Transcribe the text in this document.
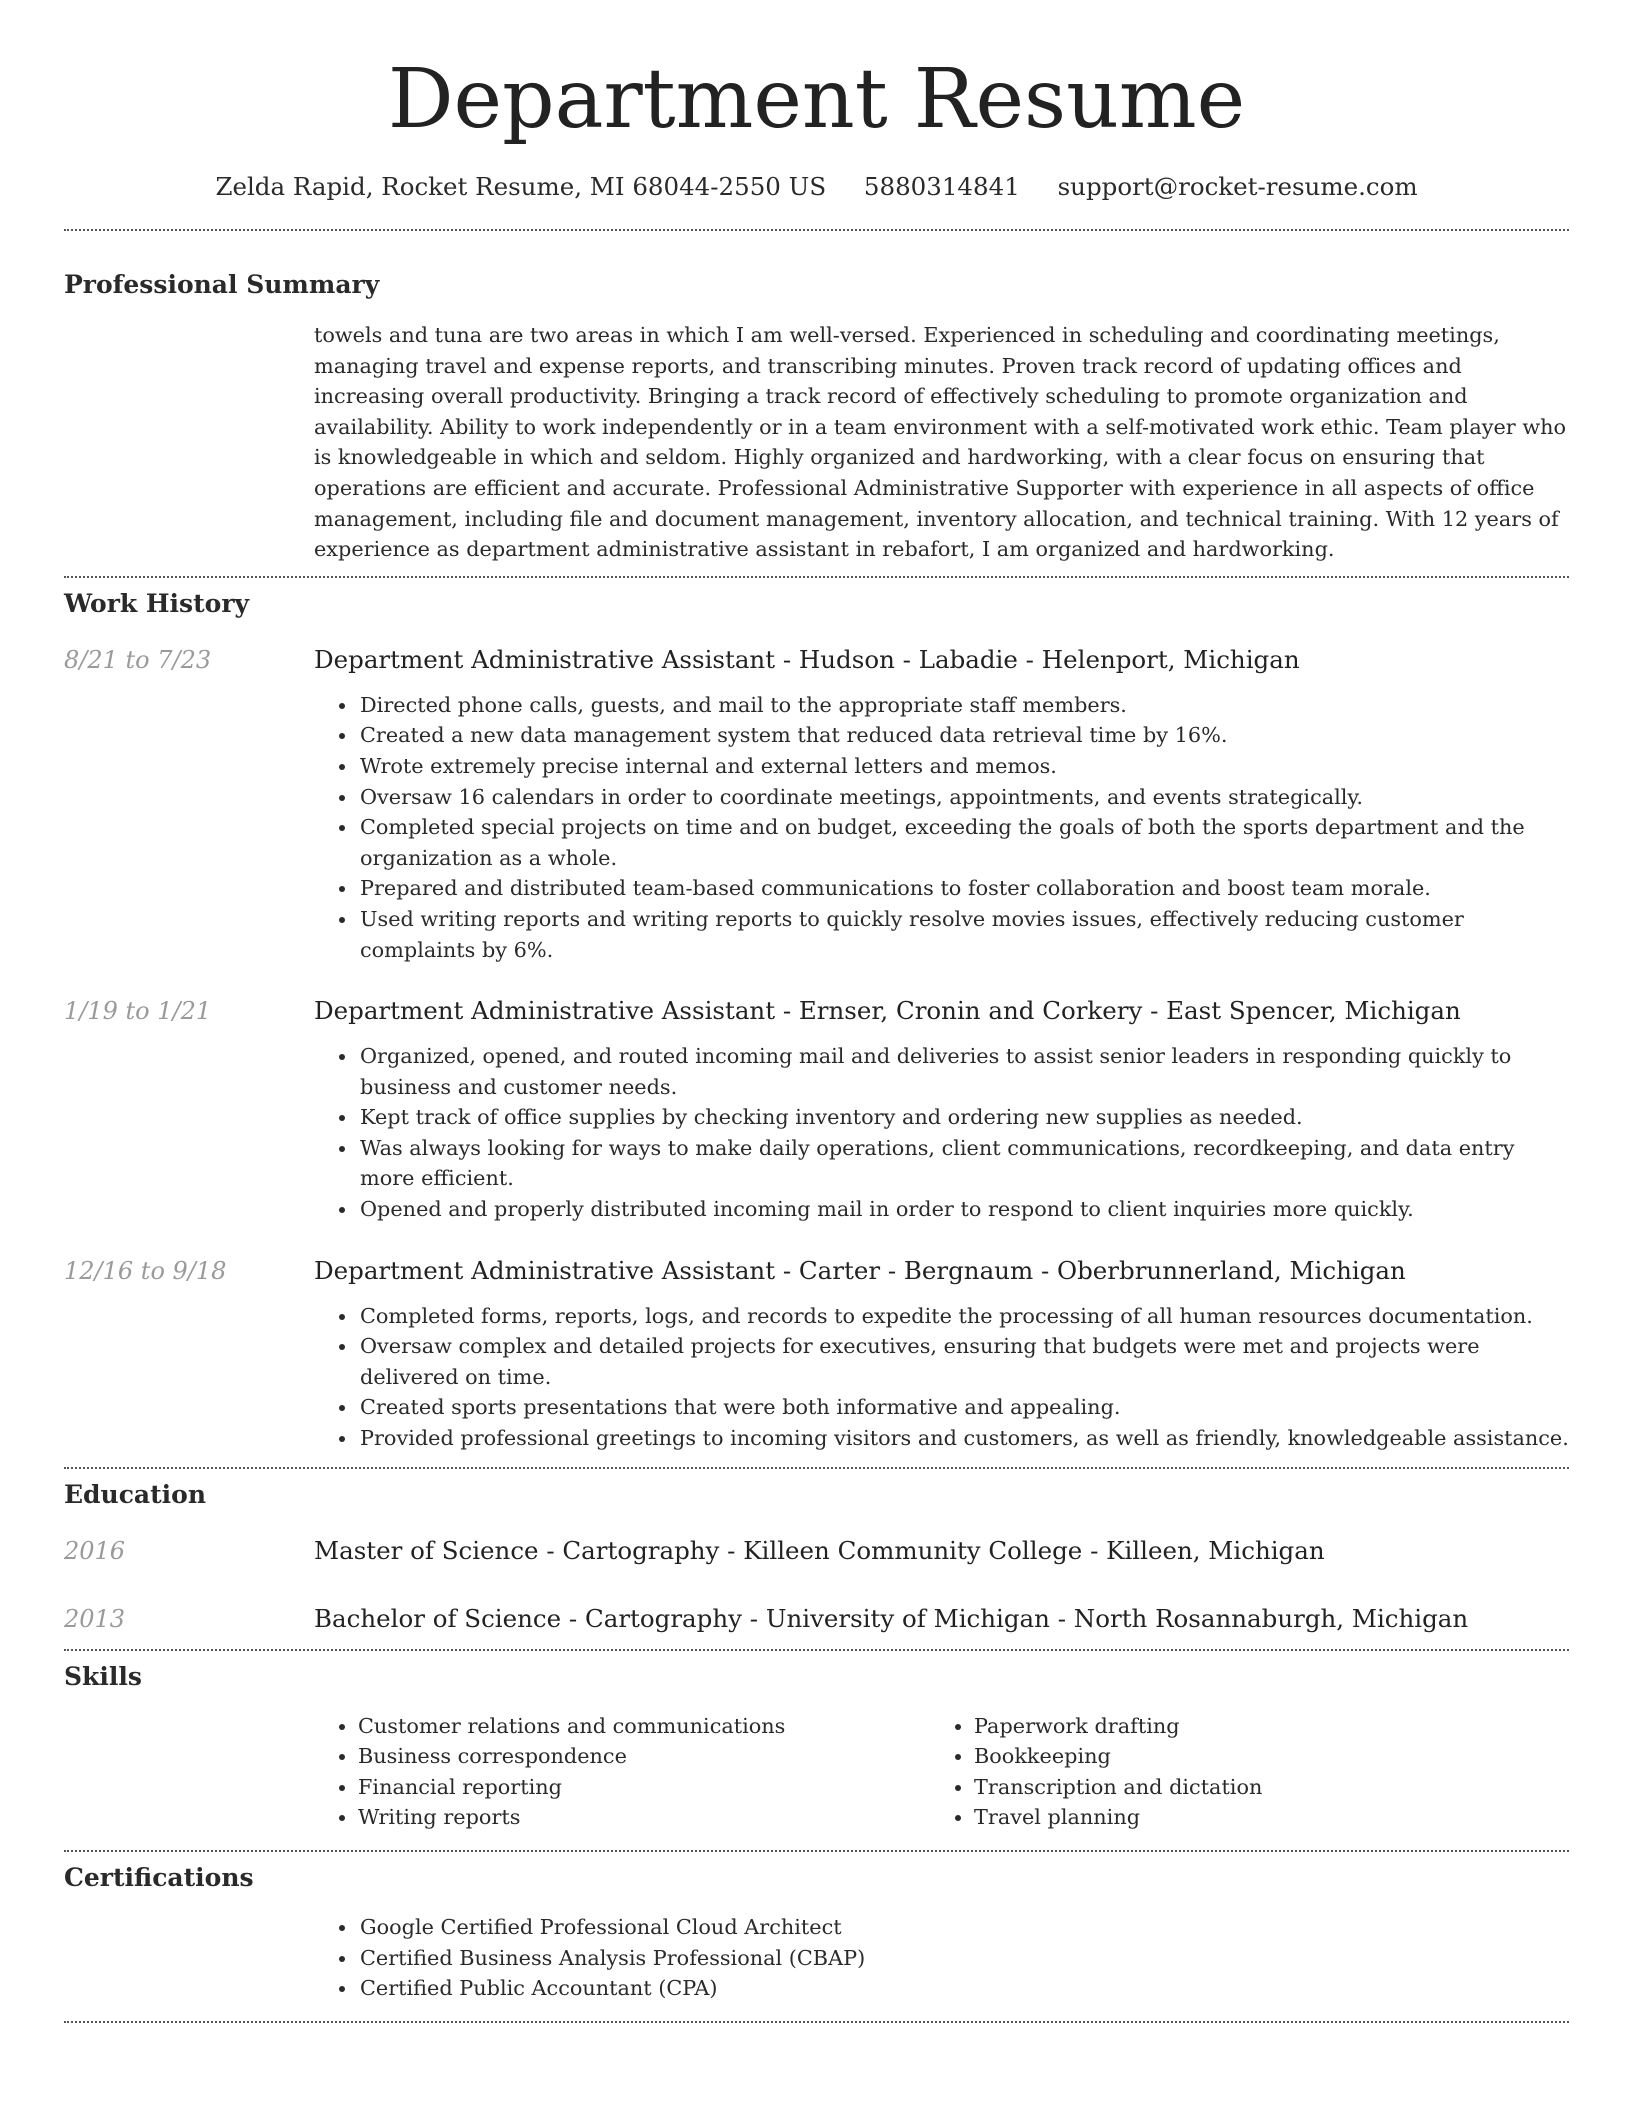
Department Resume
Zelda Rapid, Rocket Resume, MI 68044-2550 US 5880314841 support@rocket-resume.com
Professional Summary

towels and tuna are two areas in which I am well-versed. Experienced in scheduling and coordinating meetings, managing travel and expense reports, and transcribing minutes. Proven track record of updating offices and increasing overall productivity. Bringing a track record of effectively scheduling to promote organization and availability. Ability to work independently or in a team environment with a self-motivated work ethic. Team player who is knowledgeable in which and seldom. Highly organized and hardworking, with a clear focus on ensuring that operations are efficient and accurate. Professional Administrative Supporter with experience in all aspects of office management, including file and document management, inventory allocation, and technical training. With 12 years of experience as department administrative assistant in rebafort, I am organized and hardworking.

Work History
8/21 to 7/23	Department Administrative Assistant - Hudson - Labadie - Helenport, Michigan
• Directed phone calls, guests, and mail to the appropriate staff members.
• Created a new data management system that reduced data retrieval time by 16%.
• Wrote extremely precise internal and external letters and memos.
• Oversaw 16 calendars in order to coordinate meetings, appointments, and events strategically.
• Completed special projects on time and on budget, exceeding the goals of both the sports department and the organization as a whole.
• Prepared and distributed team-based communications to foster collaboration and boost team morale.
• Used writing reports and writing reports to quickly resolve movies issues, effectively reducing customer complaints by 6%.
1/19 to 1/21	Department Administrative Assistant - Ernser, Cronin and Corkery - East Spencer, Michigan
• Organized, opened, and routed incoming mail and deliveries to assist senior leaders in responding quickly to business and customer needs.
• Kept track of office supplies by checking inventory and ordering new supplies as needed.
• Was always looking for ways to make daily operations, client communications, recordkeeping, and data entry more efficient.
• Opened and properly distributed incoming mail in order to respond to client inquiries more quickly.
12/16 to 9/18	Department Administrative Assistant - Carter - Bergnaum - Oberbrunnerland, Michigan
• Completed forms, reports, logs, and records to expedite the processing of all human resources documentation.
• Oversaw complex and detailed projects for executives, ensuring that budgets were met and projects were delivered on time.
• Created sports presentations that were both informative and appealing.
• Provided professional greetings to incoming visitors and customers, as well as friendly, knowledgeable assistance.
Education
2016	Master of Science - Cartography - Killeen Community College - Killeen, Michigan
2013	Bachelor of Science - Cartography - University of Michigan - North Rosannaburgh, Michigan
Skills
• Customer relations and communications
• Business correspondence
• Financial reporting
• Writing reports
• Paperwork drafting
• Bookkeeping
• Transcription and dictation
• Travel planning
Certifications
• Google Certified Professional Cloud Architect
• Certified Business Analysis Professional (CBAP)
• Certified Public Accountant (CPA)
